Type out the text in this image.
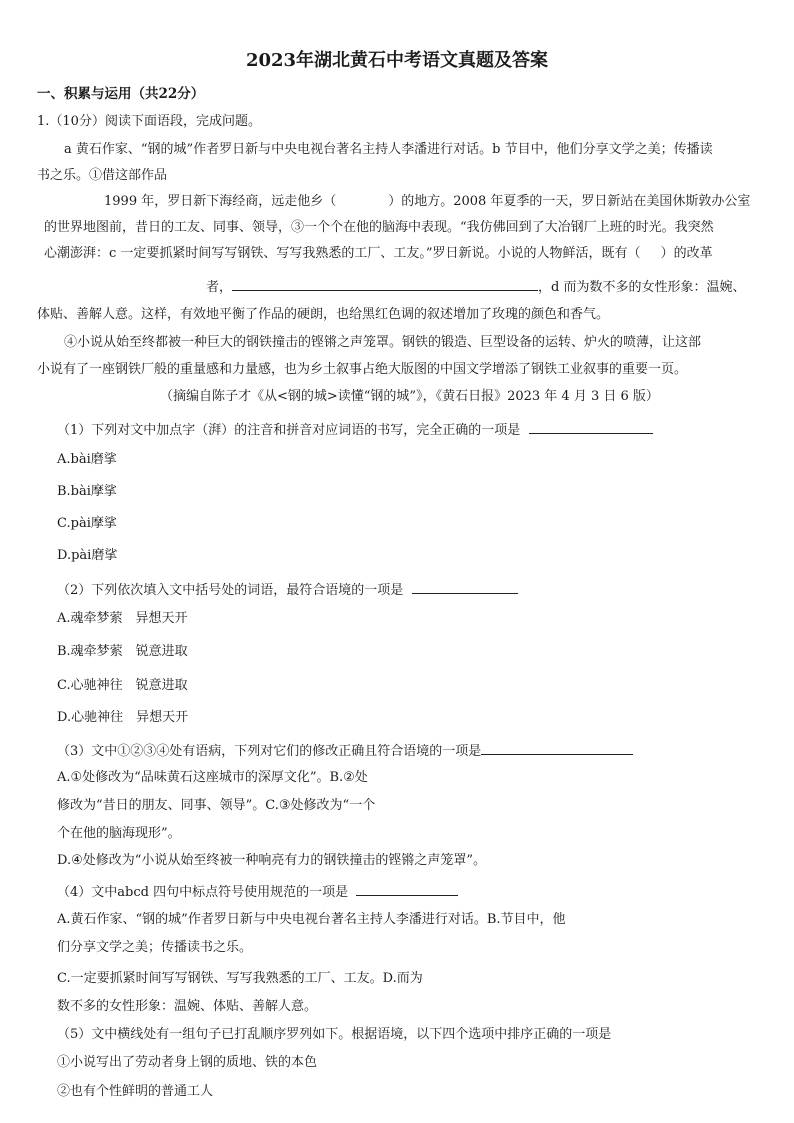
2023年湖北黄石中考语文真题及答案
一、积累与运用（共22分）
1.（10分）阅读下面语段，完成问题。
a 黄石作家、“钢的城”作者罗日新与中央电视台著名主持人李潘进行对话。b 节目中，他们分享文学之美；传播读
书之乐。①借这部作品
1999 年，罗日新下海经商，远走他乡（	）的地方。2008 年夏季的一天，罗日新站在美国休斯敦办公室
的世界地图前，昔日的工友、同事、领导，③一个个在他的脑海中表现。“我仿佛回到了大冶钢厂上班的时光。我突然
心潮澎湃：c 一定要抓紧时间写写钢铁、写写我熟悉的工厂、工友。”罗日新说。小说的人物鲜活，既有（ ）的改革
者，	，d 而为数不多的女性形象：温婉、
体贴、善解人意。这样，有效地平衡了作品的硬朗，也给黑红色调的叙述增加了玫瑰的颜色和香气。
④小说从始至终都被一种巨大的钢铁撞击的铿锵之声笼罩。钢铁的锻造、巨型设备的运转、炉火的喷薄，让这部
小说有了一座钢铁厂般的重量感和力量感，也为乡土叙事占绝大版图的中国文学增添了钢铁工业叙事的重要一页。
（摘编自陈子才《从<钢的城>读懂“钢的城”》，《黄石日报》2023 年 4 月 3 日 6 版）
（1）下列对文中加点字（湃）的注音和拼音对应词语的书写，完全正确的一项是
A.bài磨挲
B.bài摩挲
C.pài摩挲
D.pài磨挲
（2）下列依次填入文中括号处的词语，最符合语境的一项是
A.魂牵梦萦　异想天开
B.魂牵梦萦　锐意进取
C.心驰神往　锐意进取
D.心驰神往　异想天开
（3）文中①②③④处有语病，下列对它们的修改正确且符合语境的一项是
A.①处修改为“品味黄石这座城市的深厚文化”。B.②处
修改为“昔日的朋友、同事、领导”。C.③处修改为“一个
个在他的脑海现形”。
D.④处修改为“小说从始至终被一种响亮有力的钢铁撞击的铿锵之声笼罩”。
（4）文中abcd 四句中标点符号使用规范的一项是
A.黄石作家、“钢的城”作者罗日新与中央电视台著名主持人李潘进行对话。B.节目中，他
们分享文学之美；传播读书之乐。
C.一定要抓紧时间写写钢铁、写写我熟悉的工厂、工友。D.而为
数不多的女性形象：温婉、体贴、善解人意。
（5）文中横线处有一组句子已打乱顺序罗列如下。根据语境，以下四个选项中排序正确的一项是
①小说写出了劳动者身上钢的质地、铁的本色
②也有个性鲜明的普通工人
